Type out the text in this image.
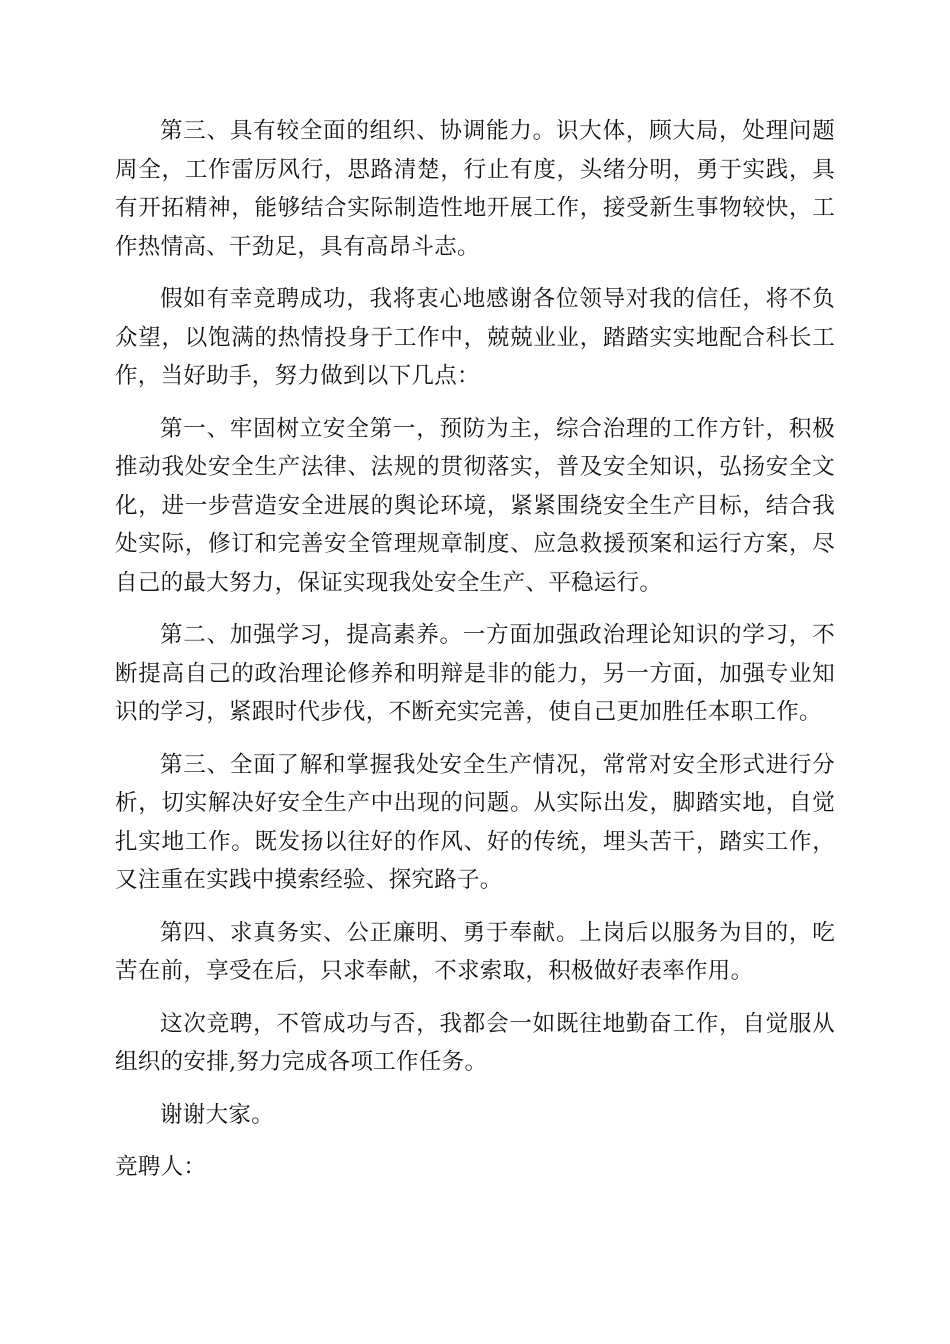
第三、具有较全面的组织、协调能力。识大体，顾大局，处理问题周全，工作雷厉风行，思路清楚，行止有度，头绪分明，勇于实践，具有开拓精神，能够结合实际制造性地开展工作，接受新生事物较快，工作热情高、干劲足，具有高昂斗志。

假如有幸竞聘成功，我将衷心地感谢各位领导对我的信任，将不负众望，以饱满的热情投身于工作中，兢兢业业，踏踏实实地配合科长工作，当好助手，努力做到以下几点：

第一、牢固树立安全第一，预防为主，综合治理的工作方针，积极推动我处安全生产法律、法规的贯彻落实，普及安全知识，弘扬安全文化，进一步营造安全进展的舆论环境，紧紧围绕安全生产目标，结合我处实际，修订和完善安全管理规章制度、应急救援预案和运行方案，尽自己的最大努力，保证实现我处安全生产、平稳运行。

第二、加强学习，提高素养。一方面加强政治理论知识的学习，不断提高自己的政治理论修养和明辩是非的能力，另一方面，加强专业知识的学习，紧跟时代步伐，不断充实完善，使自己更加胜任本职工作。

第三、全面了解和掌握我处安全生产情况，常常对安全形式进行分析，切实解决好安全生产中出现的问题。从实际出发，脚踏实地，自觉扎实地工作。既发扬以往好的作风、好的传统，埋头苦干，踏实工作，又注重在实践中摸索经验、探究路子。

第四、求真务实、公正廉明、勇于奉献。上岗后以服务为目的，吃苦在前，享受在后，只求奉献，不求索取，积极做好表率作用。

这次竞聘，不管成功与否，我都会一如既往地勤奋工作，自觉服从组织的安排,努力完成各项工作任务。

谢谢大家。

竞聘人：
